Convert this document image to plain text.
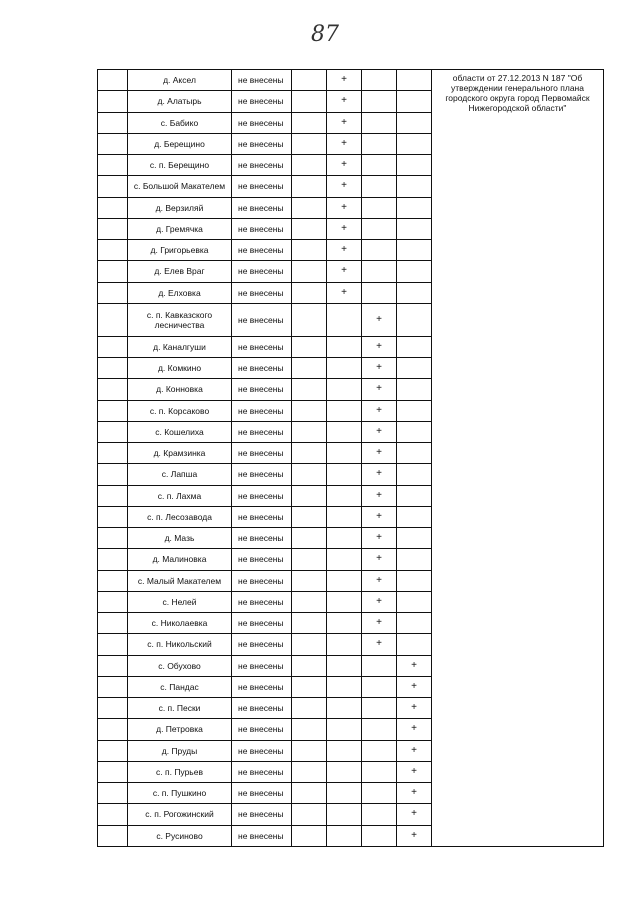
87
	д. Аксел	не внесены		+			области от 27.12.2013 N 187 "Об утверждении генерального плана городского округа город Первомайск Нижегородской области"
	д. Алатырь	не внесены		+			
	с. Бабико	не внесены		+			
	д. Берещино	не внесены		+			
	с. п. Берещино	не внесены		+			
	с. Большой Макателем	не внесены		+			
	д. Верзиляй	не внесены		+			
	д. Гремячка	не внесены		+			
	д. Григорьевка	не внесены		+			
	д. Елев Враг	не внесены		+			
	д. Елховка	не внесены		+			
	с. п. Кавказского лесничества	не внесены			+		
	д. Каналгуши	не внесены			+		
	д. Комкино	не внесены			+		
	д. Конновка	не внесены			+		
	с. п. Корсаково	не внесены			+		
	с. Кошелиха	не внесены			+		
	д. Крамзинка	не внесены			+		
	с. Лапша	не внесены			+		
	с. п. Лахма	не внесены			+		
	с. п. Лесозавода	не внесены			+		
	д. Мазь	не внесены			+		
	д. Малиновка	не внесены			+		
	с. Малый Макателем	не внесены			+		
	с. Нелей	не внесены			+		
	с. Николаевка	не внесены			+		
	с. п. Никольский	не внесены			+		
	с. Обухово	не внесены				+	
	с. Пандас	не внесены				+	
	с. п. Пески	не внесены				+	
	д. Петровка	не внесены				+	
	д. Пруды	не внесены				+	
	с. п. Пурьев	не внесены				+	
	с. п. Пушкино	не внесены				+	
	с. п. Рогожинский	не внесены				+	
	с. Русиново	не внесены				+	
